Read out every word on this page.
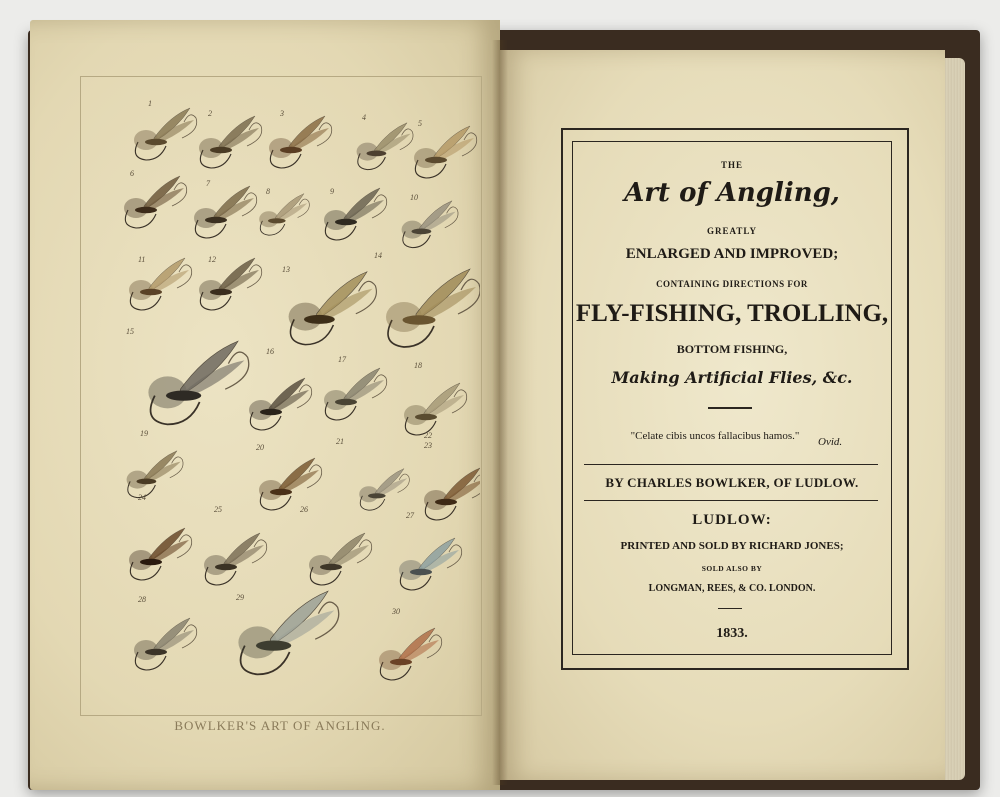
1
2	3	4
5
6
7
8	9
10
11	12
13
14
15
16
17
18
19
20
21
22
23
24
25	26
27
28	29
30
BOWLKER'S ART OF ANGLING.
THE
Art of Angling,
GREATLY
ENLARGED AND IMPROVED;
CONTAINING DIRECTIONS FOR
FLY-FISHING, TROLLING,
BOTTOM FISHING,
Making Artificial Flies, &c.
"Celate cibis uncos fallacibus hamos."	Ovid.
BY CHARLES BOWLKER, OF LUDLOW.
LUDLOW:
PRINTED AND SOLD BY RICHARD JONES;
SOLD ALSO BY
LONGMAN, REES, & CO. LONDON.
1833.
